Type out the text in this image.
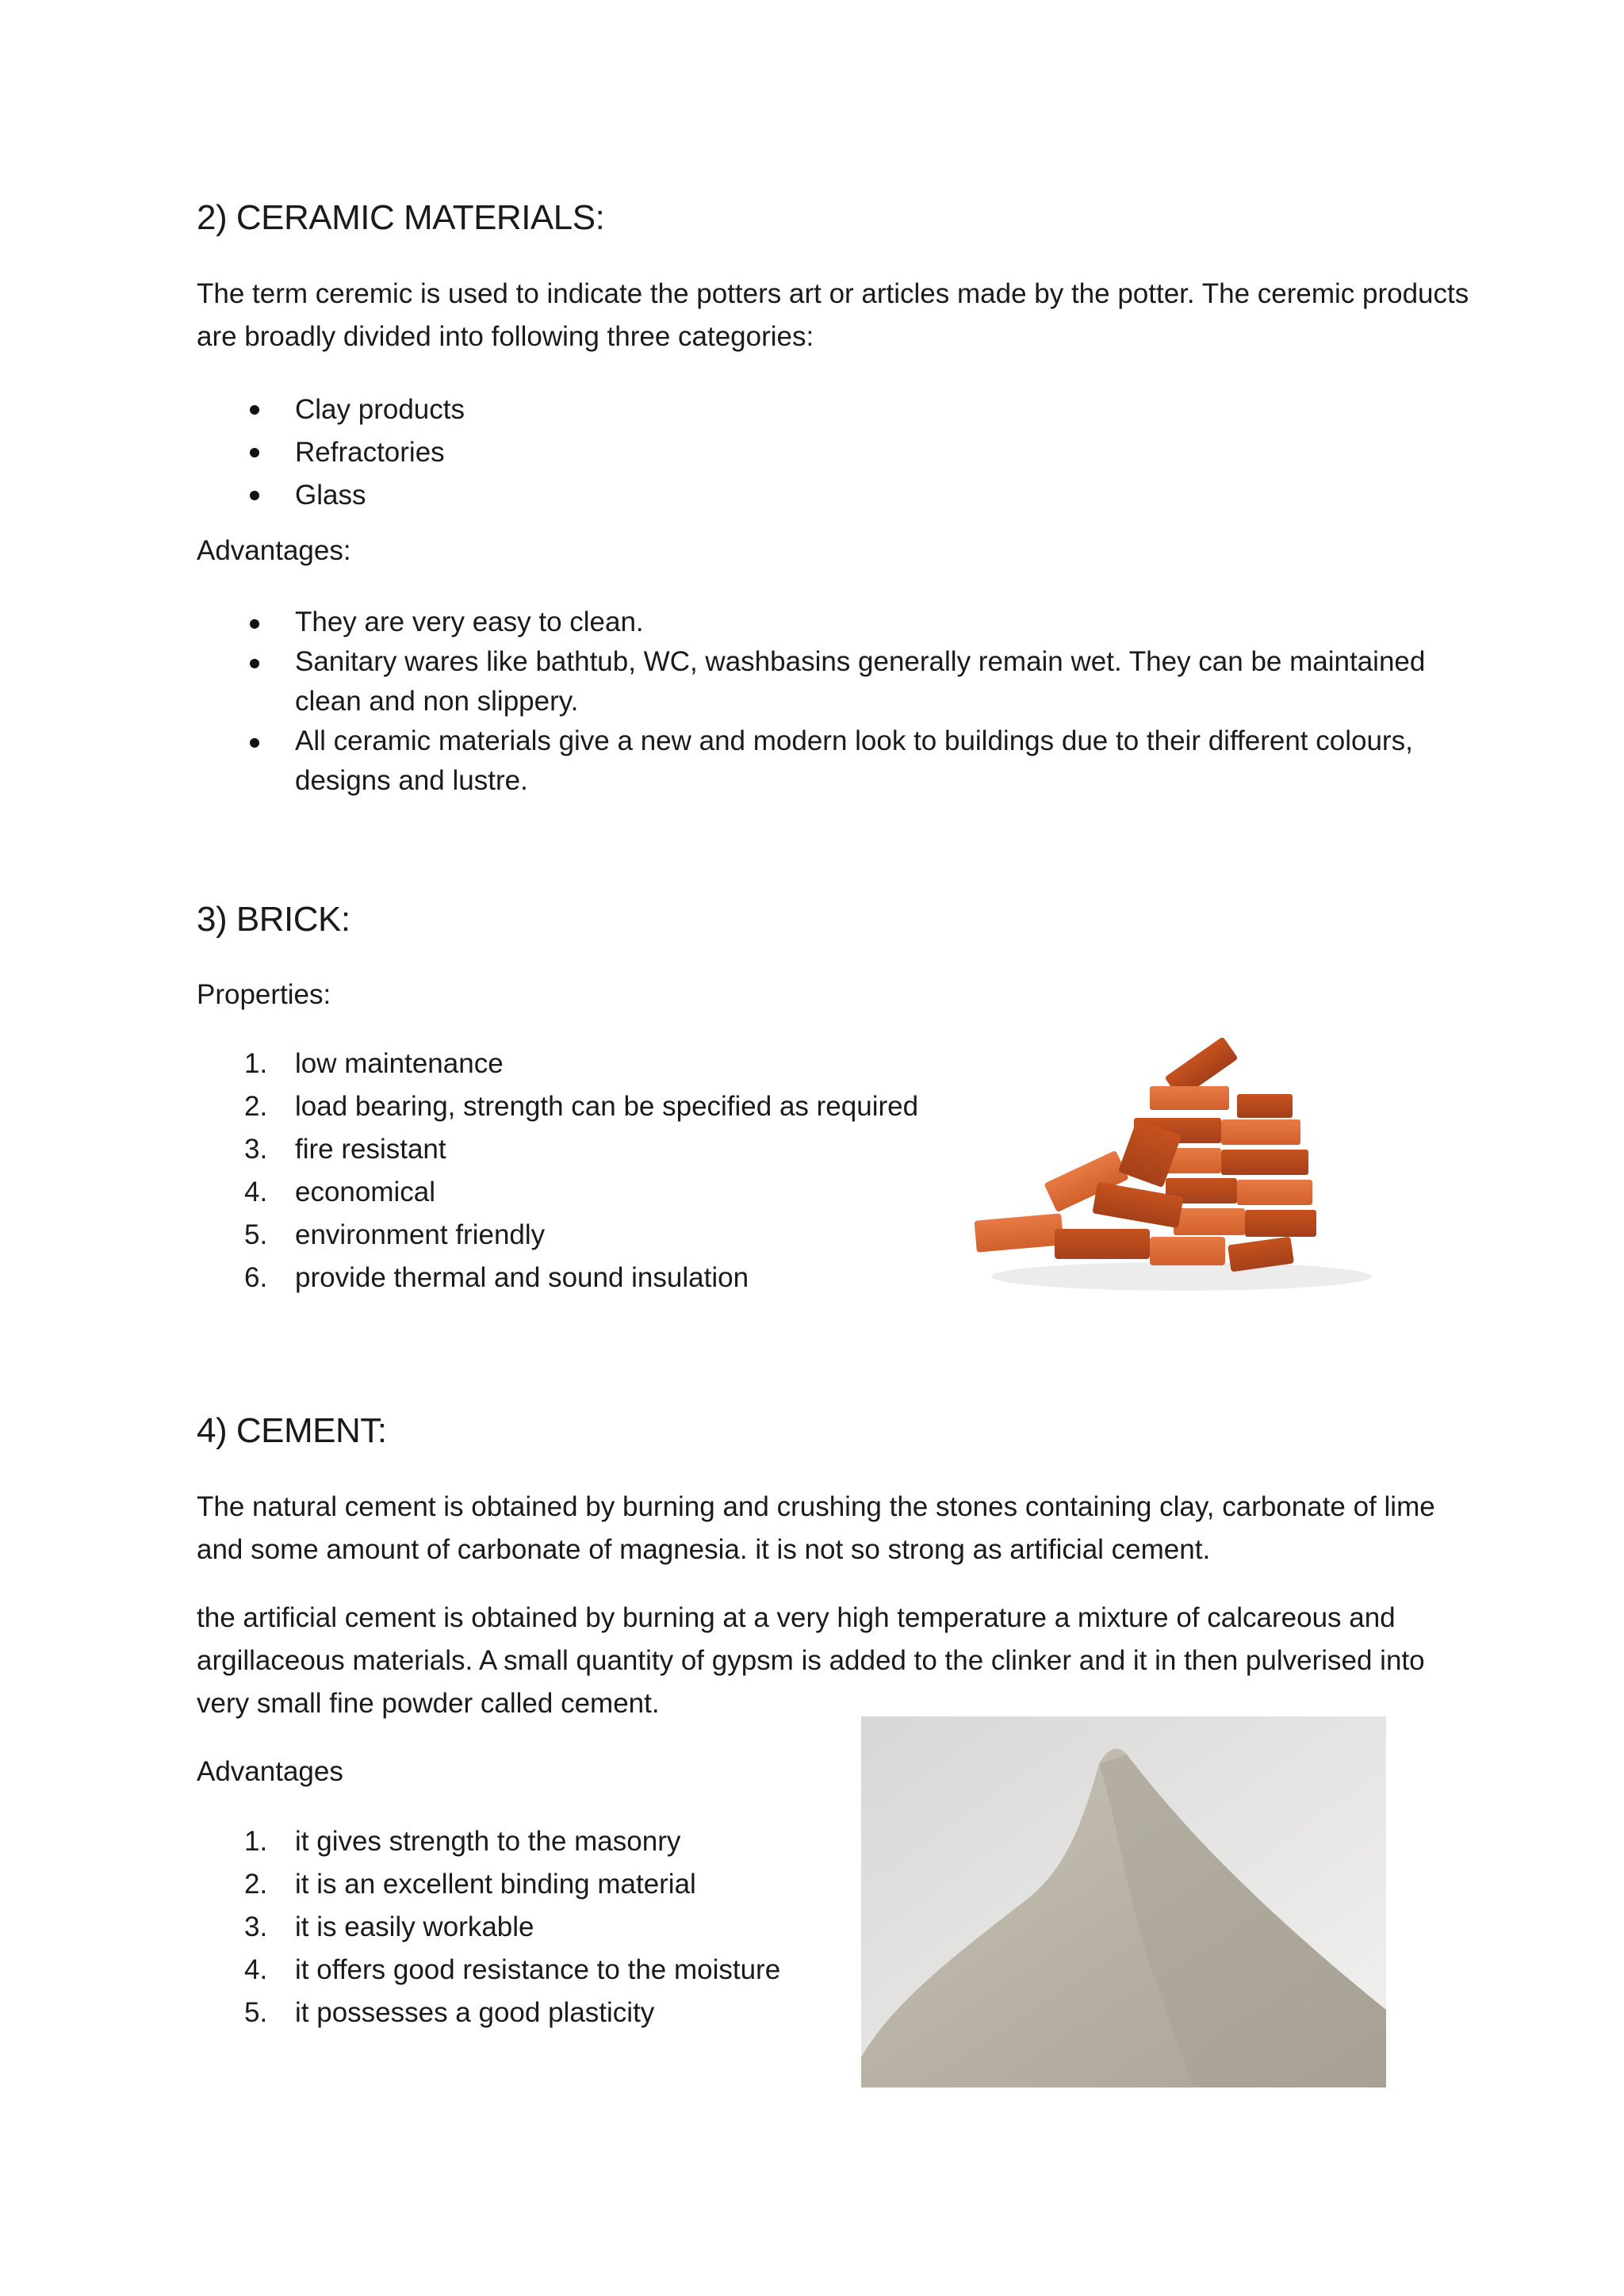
2) CERAMIC MATERIALS:

The term ceremic is used to indicate the potters art or articles made by the potter. The ceremic products are broadly divided into following three categories:

Clay products
Refractories
Glass
Advantages:
They are very easy to clean.
Sanitary wares like bathtub, WC, washbasins generally remain wet. They can be maintained clean and non slippery.
All ceramic materials give a new and modern look to buildings due to their different colours, designs and lustre.
3) BRICK:
Properties:
1. low maintenance
2. load bearing, strength can be specified as required
3. fire resistant
4. economical
5. environment friendly
6. provide thermal and sound insulation
4) CEMENT:

The natural cement is obtained by burning and crushing the stones containing clay, carbonate of lime and some amount of carbonate of magnesia. it is not so strong as artificial cement.

the artificial cement is obtained by burning at a very high temperature a mixture of calcareous and argillaceous materials. A small quantity of gypsm is added to the clinker and it in then pulverised into very small fine powder called cement.

Advantages
1. it gives strength to the masonry
2. it is an excellent binding material
3. it is easily workable
4. it offers good resistance to the moisture
5. it possesses a good plasticity
